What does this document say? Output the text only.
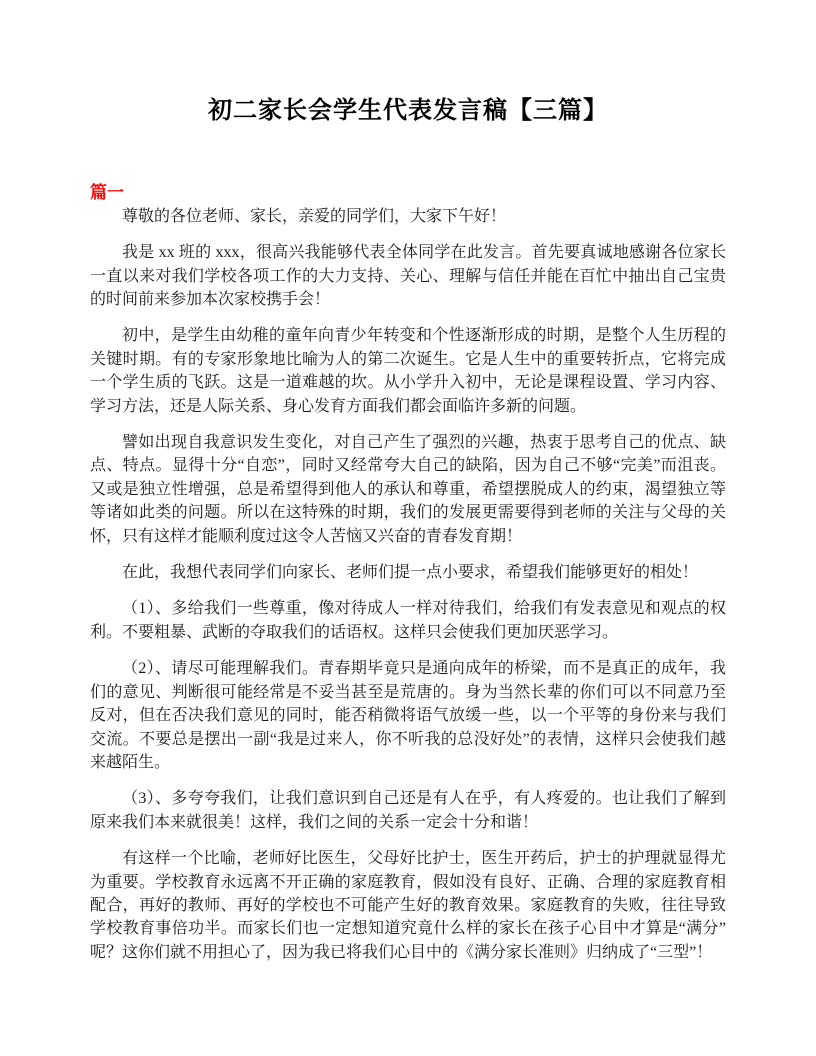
初二家长会学生代表发言稿【三篇】
篇一

尊敬的各位老师、家长，亲爱的同学们，大家下午好！

我是 xx 班的 xxx，很高兴我能够代表全体同学在此发言。首先要真诚地感谢各位家长一直以来对我们学校各项工作的大力支持、关心、理解与信任并能在百忙中抽出自己宝贵的时间前来参加本次家校携手会！

初中，是学生由幼稚的童年向青少年转变和个性逐渐形成的时期，是整个人生历程的关键时期。有的专家形象地比喻为人的第二次诞生。它是人生中的重要转折点，它将完成一个学生质的飞跃。这是一道难越的坎。从小学升入初中，无论是课程设置、学习内容、学习方法，还是人际关系、身心发育方面我们都会面临许多新的问题。

譬如出现自我意识发生变化，对自己产生了强烈的兴趣，热衷于思考自己的优点、缺点、特点。显得十分“自恋”，同时又经常夸大自己的缺陷，因为自己不够“完美”而沮丧。又或是独立性增强，总是希望得到他人的承认和尊重，希望摆脱成人的约束，渴望独立等等诸如此类的问题。所以在这特殊的时期，我们的发展更需要得到老师的关注与父母的关怀，只有这样才能顺利度过这令人苦恼又兴奋的青春发育期！

在此，我想代表同学们向家长、老师们提一点小要求，希望我们能够更好的相处！

（1）、多给我们一些尊重，像对待成人一样对待我们，给我们有发表意见和观点的权利。不要粗暴、武断的夺取我们的话语权。这样只会使我们更加厌恶学习。

（2）、请尽可能理解我们。青春期毕竟只是通向成年的桥梁，而不是真正的成年，我们的意见、判断很可能经常是不妥当甚至是荒唐的。身为当然长辈的你们可以不同意乃至反对，但在否决我们意见的同时，能否稍微将语气放缓一些，以一个平等的身份来与我们交流。不要总是摆出一副“我是过来人，你不听我的总没好处”的表情，这样只会使我们越来越陌生。

（3）、多夸夸我们，让我们意识到自己还是有人在乎，有人疼爱的。也让我们了解到原来我们本来就很美！这样，我们之间的关系一定会十分和谐！

有这样一个比喻，老师好比医生，父母好比护士，医生开药后，护士的护理就显得尤为重要。学校教育永远离不开正确的家庭教育，假如没有良好、正确、合理的家庭教育相配合，再好的教师、再好的学校也不可能产生好的教育效果。家庭教育的失败，往往导致学校教育事倍功半。而家长们也一定想知道究竟什么样的家长在孩子心目中才算是“满分”呢？这你们就不用担心了，因为我已将我们心目中的《满分家长准则》归纳成了“三型”！
